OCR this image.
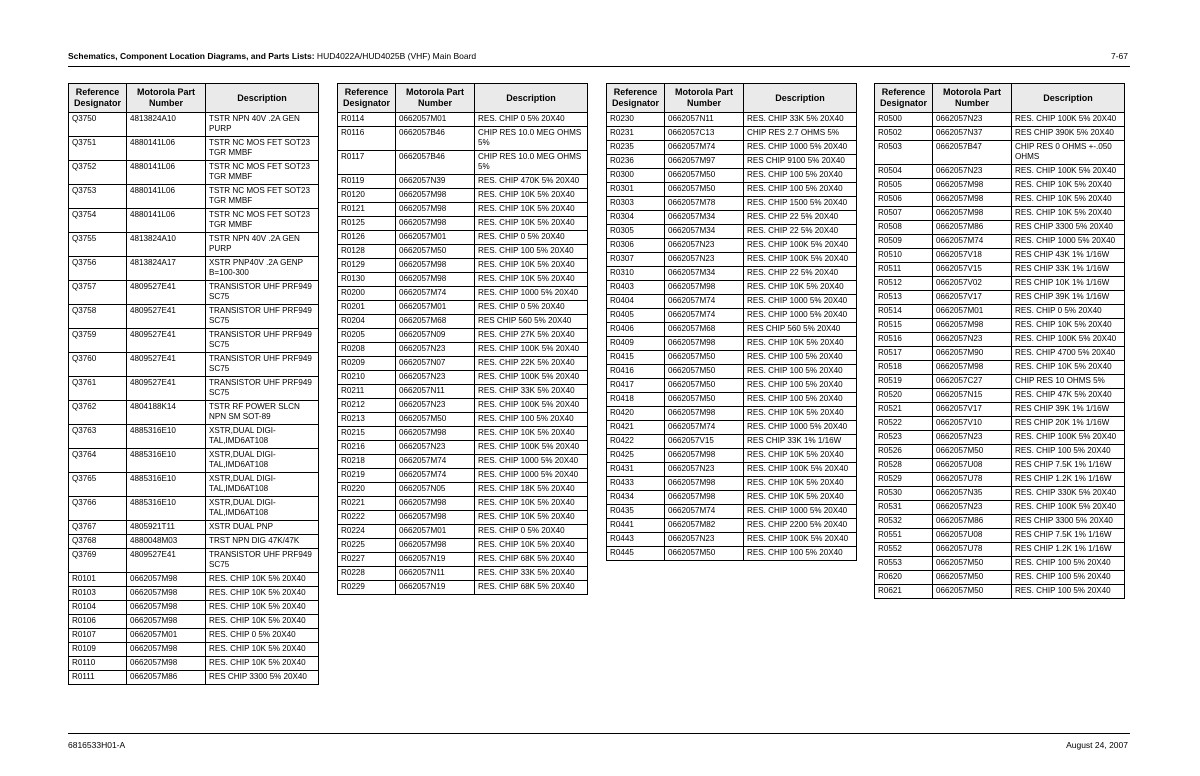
Schematics, Component Location Diagrams, and Parts Lists: HUD4022A/HUD4025B (VHF) Main Board	7-67
Reference Designator	Motorola Part Number	Description
Q3750	4813824A10	TSTR NPN 40V .2A GEN PURP
Q3751	4880141L06	TSTR NC MOS FET SOT23 TGR MMBF
Q3752	4880141L06	TSTR NC MOS FET SOT23 TGR MMBF
Q3753	4880141L06	TSTR NC MOS FET SOT23 TGR MMBF
Q3754	4880141L06	TSTR NC MOS FET SOT23 TGR MMBF
Q3755	4813824A10	TSTR NPN 40V .2A GEN PURP
Q3756	4813824A17	XSTR PNP40V .2A GENP B=100-300
Q3757	4809527E41	TRANSISTOR UHF PRF949 SC75
Q3758	4809527E41	TRANSISTOR UHF PRF949 SC75
Q3759	4809527E41	TRANSISTOR UHF PRF949 SC75
Q3760	4809527E41	TRANSISTOR UHF PRF949 SC75
Q3761	4809527E41	TRANSISTOR UHF PRF949 SC75
Q3762	4804188K14	TSTR RF POWER SLCN NPN SM SOT-89
Q3763	4885316E10	XSTR,DUAL DIGI-TAL,IMD6AT108
Q3764	4885316E10	XSTR,DUAL DIGI-TAL,IMD6AT108
Q3765	4885316E10	XSTR,DUAL DIGI-TAL,IMD6AT108
Q3766	4885316E10	XSTR,DUAL DIGI-TAL,IMD6AT108
Q3767	4805921T11	XSTR DUAL PNP
Q3768	4880048M03	TRST NPN DIG 47K/47K
Q3769	4809527E41	TRANSISTOR UHF PRF949 SC75
R0101	0662057M98	RES. CHIP 10K 5% 20X40
R0103	0662057M98	RES. CHIP 10K 5% 20X40
R0104	0662057M98	RES. CHIP 10K 5% 20X40
R0106	0662057M98	RES. CHIP 10K 5% 20X40
R0107	0662057M01	RES. CHIP 0 5% 20X40
R0109	0662057M98	RES. CHIP 10K 5% 20X40
R0110	0662057M98	RES. CHIP 10K 5% 20X40
R0111	0662057M86	RES CHIP 3300 5% 20X40
Reference Designator	Motorola Part Number	Description
R0114	0662057M01	RES. CHIP 0 5% 20X40
R0116	0662057B46	CHIP RES 10.0 MEG OHMS 5%
R0117	0662057B46	CHIP RES 10.0 MEG OHMS 5%
R0119	0662057N39	RES. CHIP 470K 5% 20X40
R0120	0662057M98	RES. CHIP 10K 5% 20X40
R0121	0662057M98	RES. CHIP 10K 5% 20X40
R0125	0662057M98	RES. CHIP 10K 5% 20X40
R0126	0662057M01	RES. CHIP 0 5% 20X40
R0128	0662057M50	RES. CHIP 100 5% 20X40
R0129	0662057M98	RES. CHIP 10K 5% 20X40
R0130	0662057M98	RES. CHIP 10K 5% 20X40
R0200	0662057M74	RES. CHIP 1000 5% 20X40
R0201	0662057M01	RES. CHIP 0 5% 20X40
R0204	0662057M68	RES CHIP 560 5% 20X40
R0205	0662057N09	RES. CHIP 27K 5% 20X40
R0208	0662057N23	RES. CHIP 100K 5% 20X40
R0209	0662057N07	RES. CHIP 22K 5% 20X40
R0210	0662057N23	RES. CHIP 100K 5% 20X40
R0211	0662057N11	RES. CHIP 33K 5% 20X40
R0212	0662057N23	RES. CHIP 100K 5% 20X40
R0213	0662057M50	RES. CHIP 100 5% 20X40
R0215	0662057M98	RES. CHIP 10K 5% 20X40
R0216	0662057N23	RES. CHIP 100K 5% 20X40
R0218	0662057M74	RES. CHIP 1000 5% 20X40
R0219	0662057M74	RES. CHIP 1000 5% 20X40
R0220	0662057N05	RES. CHIP 18K 5% 20X40
R0221	0662057M98	RES. CHIP 10K 5% 20X40
R0222	0662057M98	RES. CHIP 10K 5% 20X40
R0224	0662057M01	RES. CHIP 0 5% 20X40
R0225	0662057M98	RES. CHIP 10K 5% 20X40
R0227	0662057N19	RES. CHIP 68K 5% 20X40
R0228	0662057N11	RES. CHIP 33K 5% 20X40
R0229	0662057N19	RES. CHIP 68K 5% 20X40
Reference Designator	Motorola Part Number	Description
R0230	0662057N11	RES. CHIP 33K 5% 20X40
R0231	0662057C13	CHIP RES 2.7 OHMS 5%
R0235	0662057M74	RES. CHIP 1000 5% 20X40
R0236	0662057M97	RES CHIP 9100 5% 20X40
R0300	0662057M50	RES. CHIP 100 5% 20X40
R0301	0662057M50	RES. CHIP 100 5% 20X40
R0303	0662057M78	RES. CHIP 1500 5% 20X40
R0304	0662057M34	RES. CHIP 22 5% 20X40
R0305	0662057M34	RES. CHIP 22 5% 20X40
R0306	0662057N23	RES. CHIP 100K 5% 20X40
R0307	0662057N23	RES. CHIP 100K 5% 20X40
R0310	0662057M34	RES. CHIP 22 5% 20X40
R0403	0662057M98	RES. CHIP 10K 5% 20X40
R0404	0662057M74	RES. CHIP 1000 5% 20X40
R0405	0662057M74	RES. CHIP 1000 5% 20X40
R0406	0662057M68	RES CHIP 560 5% 20X40
R0409	0662057M98	RES. CHIP 10K 5% 20X40
R0415	0662057M50	RES. CHIP 100 5% 20X40
R0416	0662057M50	RES. CHIP 100 5% 20X40
R0417	0662057M50	RES. CHIP 100 5% 20X40
R0418	0662057M50	RES. CHIP 100 5% 20X40
R0420	0662057M98	RES. CHIP 10K 5% 20X40
R0421	0662057M74	RES. CHIP 1000 5% 20X40
R0422	0662057V15	RES CHIP 33K 1% 1/16W
R0425	0662057M98	RES. CHIP 10K 5% 20X40
R0431	0662057N23	RES. CHIP 100K 5% 20X40
R0433	0662057M98	RES. CHIP 10K 5% 20X40
R0434	0662057M98	RES. CHIP 10K 5% 20X40
R0435	0662057M74	RES. CHIP 1000 5% 20X40
R0441	0662057M82	RES. CHIP 2200 5% 20X40
R0443	0662057N23	RES. CHIP 100K 5% 20X40
R0445	0662057M50	RES. CHIP 100 5% 20X40
Reference Designator	Motorola Part Number	Description
R0500	0662057N23	RES. CHIP 100K 5% 20X40
R0502	0662057N37	RES CHIP 390K 5% 20X40
R0503	0662057B47	CHIP RES 0 OHMS +-.050 OHMS
R0504	0662057N23	RES. CHIP 100K 5% 20X40
R0505	0662057M98	RES. CHIP 10K 5% 20X40
R0506	0662057M98	RES. CHIP 10K 5% 20X40
R0507	0662057M98	RES. CHIP 10K 5% 20X40
R0508	0662057M86	RES CHIP 3300 5% 20X40
R0509	0662057M74	RES. CHIP 1000 5% 20X40
R0510	0662057V18	RES CHIP 43K 1% 1/16W
R0511	0662057V15	RES CHIP 33K 1% 1/16W
R0512	0662057V02	RES CHIP 10K 1% 1/16W
R0513	0662057V17	RES CHIP 39K 1% 1/16W
R0514	0662057M01	RES. CHIP 0 5% 20X40
R0515	0662057M98	RES. CHIP 10K 5% 20X40
R0516	0662057N23	RES. CHIP 100K 5% 20X40
R0517	0662057M90	RES. CHIP 4700 5% 20X40
R0518	0662057M98	RES. CHIP 10K 5% 20X40
R0519	0662057C27	CHIP RES 10 OHMS 5%
R0520	0662057N15	RES. CHIP 47K 5% 20X40
R0521	0662057V17	RES CHIP 39K 1% 1/16W
R0522	0662057V10	RES CHIP 20K 1% 1/16W
R0523	0662057N23	RES. CHIP 100K 5% 20X40
R0526	0662057M50	RES. CHIP 100 5% 20X40
R0528	0662057U08	RES CHIP 7.5K 1% 1/16W
R0529	0662057U78	RES CHIP 1.2K 1% 1/16W
R0530	0662057N35	RES. CHIP 330K 5% 20X40
R0531	0662057N23	RES. CHIP 100K 5% 20X40
R0532	0662057M86	RES CHIP 3300 5% 20X40
R0551	0662057U08	RES CHIP 7.5K 1% 1/16W
R0552	0662057U78	RES CHIP 1.2K 1% 1/16W
R0553	0662057M50	RES. CHIP 100 5% 20X40
R0620	0662057M50	RES. CHIP 100 5% 20X40
R0621	0662057M50	RES. CHIP 100 5% 20X40
6816533H01-A	August 24, 2007
